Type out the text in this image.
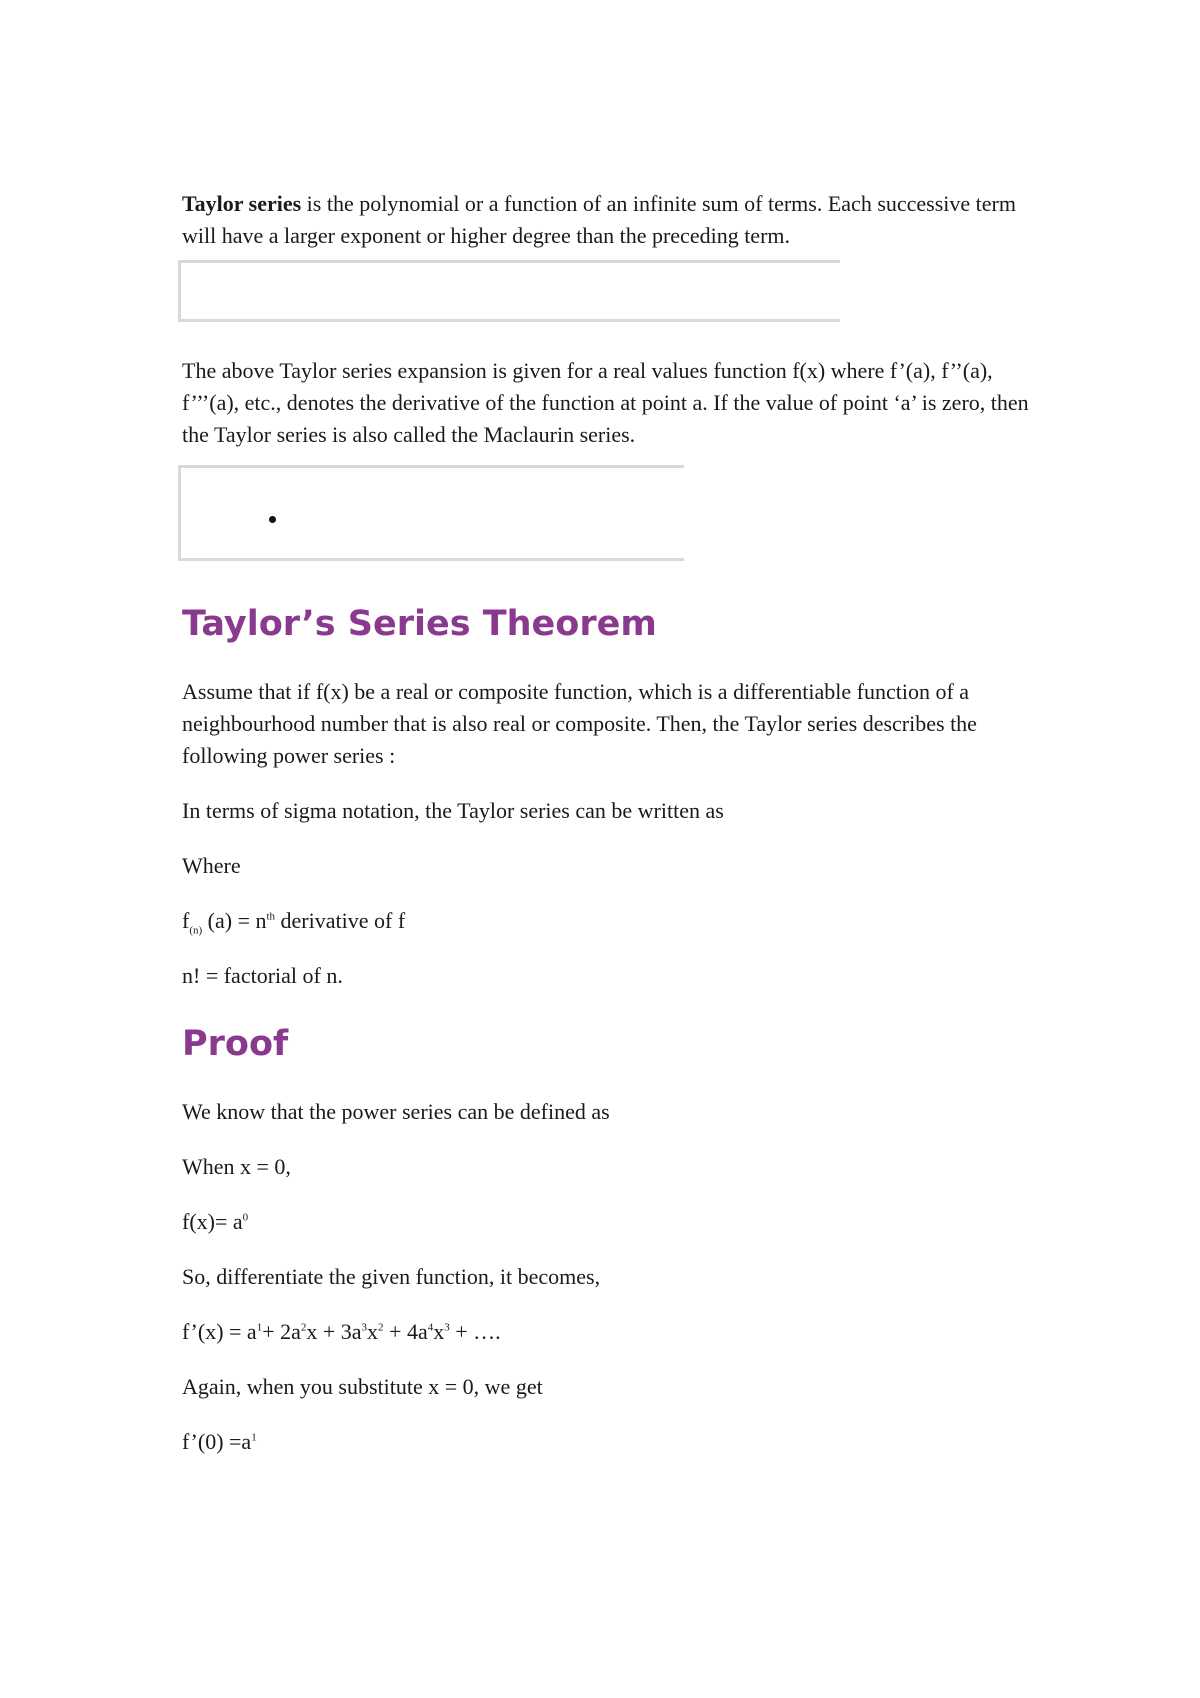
Taylor series is the polynomial or a function of an infinite sum of terms. Each successive term will have a larger exponent or higher degree than the preceding term.

The above Taylor series expansion is given for a real values function f(x) where f’(a), f’’(a), f’’’(a), etc., denotes the derivative of the function at point a. If the value of point ‘a’ is zero, then the Taylor series is also called the Maclaurin series.

Taylor’s Series Theorem

Assume that if f(x) be a real or composite function, which is a differentiable function of a neighbourhood number that is also real or composite. Then, the Taylor series describes the following power series :

In terms of sigma notation, the Taylor series can be written as

Where

$f_{(n)}$ $(a) = n^{th}$ derivative of f

n! = factorial of n.

Proof

We know that the power series can be defined as

When x = 0,

$f(x)= a^0$

So, differentiate the given function, it becomes,

f’(x) = $a^1+ 2a^2x + 3a^3x^2 + 4a^4x^3$ + ….

Again, when you substitute x = 0, we get

f’(0) $=a^1$
